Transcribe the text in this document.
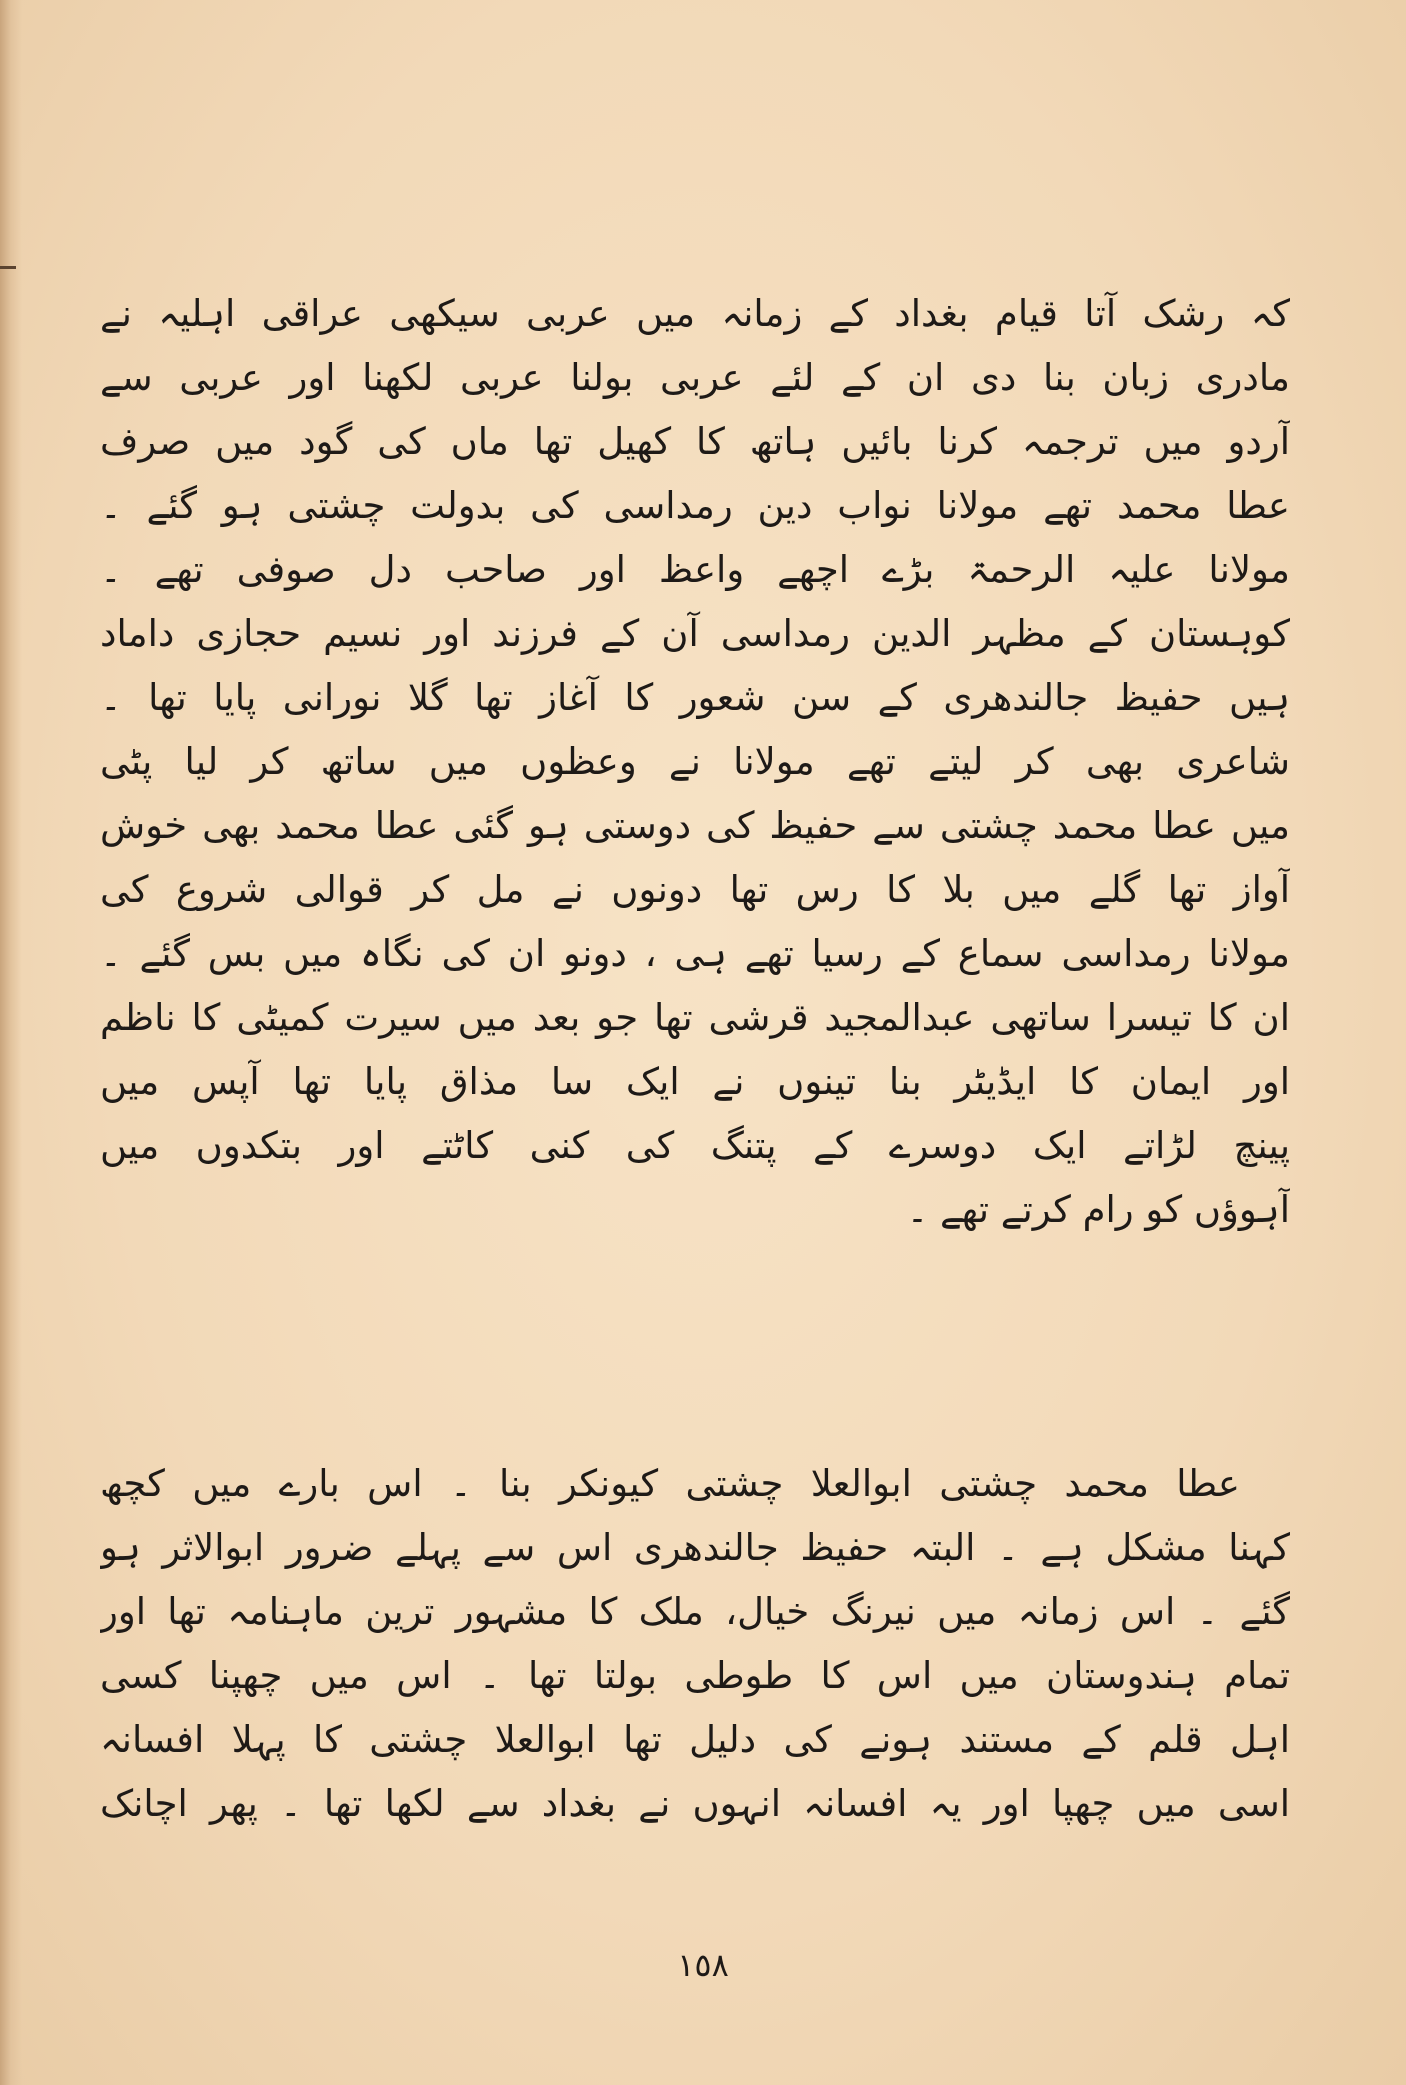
کہ رشک آتا قیام بغداد کے زمانہ میں عربی سیکھی عراقی اہلیہ نے
مادری زبان بنا دی ان کے لئے عربی بولنا عربی لکھنا اور عربی سے
آردو میں ترجمہ کرنا بائیں ہاتھ کا کھیل تھا ماں کی گود میں صرف
عطا محمد تھے مولانا نواب دین رمداسی کی بدولت چشتی ہو گئے ۔
مولانا علیہ الرحمۃ بڑے اچھے واعظ اور صاحب دل صوفی تھے ۔
کوہستان کے مظہر الدین رمداسی آن کے فرزند اور نسیم حجازی داماد
ہیں حفیظ جالندھری کے سن شعور کا آغاز تھا گلا نورانی پایا تھا ۔
شاعری بھی کر لیتے تھے مولانا نے وعظوں میں ساتھ کر لیا پٹی
میں عطا محمد چشتی سے حفیظ کی دوستی ہو گئی عطا محمد بھی خوش
آواز تھا گلے میں بلا کا رس تھا دونوں نے مل کر قوالی شروع کی
مولانا رمداسی سماع کے رسیا تھے ہی ، دونو ان کی نگاہ میں بس گئے ۔
ان کا تیسرا ساتھی عبدالمجید قرشی تھا جو بعد میں سیرت کمیٹی کا ناظم
اور ایمان کا ایڈیٹر بنا تینوں نے ایک سا مذاق پایا تھا آپس میں
پینچ لڑاتے ایک دوسرے کے پتنگ کی کنی کاٹتے اور بتکدوں میں
آہوؤں کو رام کرتے تھے ۔
عطا محمد چشتی ابوالعلا چشتی کیونکر بنا ۔ اس بارے میں کچھ
کہنا مشکل ہے ۔ البتہ حفیظ جالندھری اس سے پہلے ضرور ابوالاثر ہو
گئے ۔ اس زمانہ میں نیرنگ خیال، ملک کا مشہور ترین ماہنامہ تھا اور
تمام ہندوستان میں اس کا طوطی بولتا تھا ۔ اس میں چھپنا کسی
اہل قلم کے مستند ہونے کی دلیل تھا ابوالعلا چشتی کا پہلا افسانہ
اسی میں چھپا اور یہ افسانہ انہوں نے بغداد سے لکھا تھا ۔ پھر اچانک
١٥٨
